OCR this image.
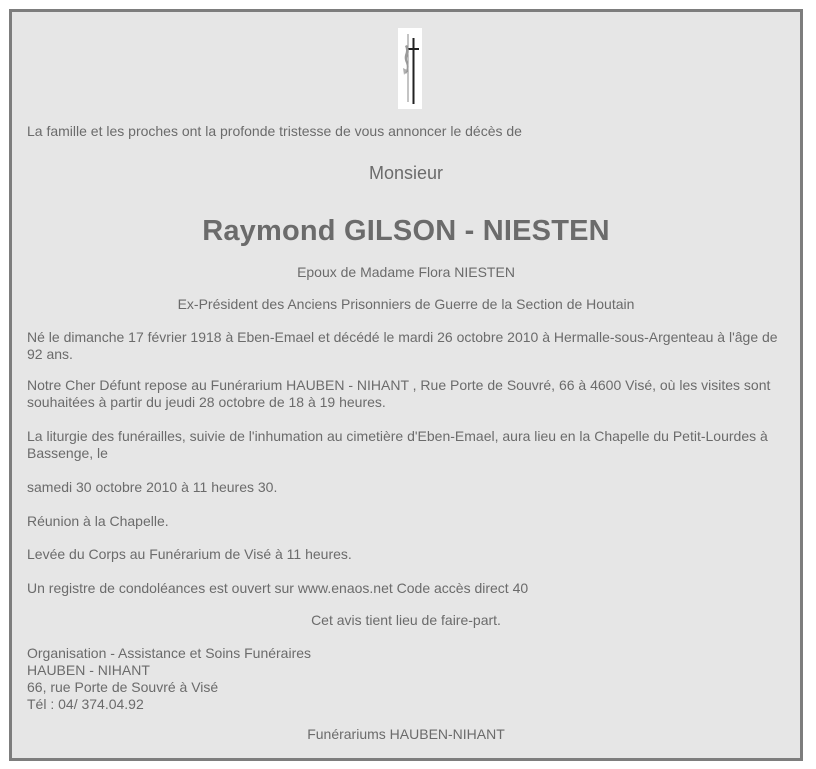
La famille et les proches ont la profonde tristesse de vous annoncer le décès de
Monsieur
Raymond GILSON - NIESTEN
Epoux de Madame Flora NIESTEN
Ex-Président des Anciens Prisonniers de Guerre de la Section de Houtain
Né le dimanche 17 février 1918 à Eben-Emael et décédé le mardi 26 octobre 2010 à Hermalle-sous-Argenteau à l'âge de 92 ans.
Notre Cher Défunt repose au Funérarium HAUBEN - NIHANT , Rue Porte de Souvré, 66 à 4600 Visé, où les visites sont souhaitées à partir du jeudi 28 octobre de 18 à 19 heures.
La liturgie des funérailles, suivie de l'inhumation au cimetière d'Eben-Emael, aura lieu en la Chapelle du Petit-Lourdes à Bassenge, le
samedi 30 octobre 2010 à 11 heures 30.
Réunion à la Chapelle.
Levée du Corps au Funérarium de Visé à 11 heures.
Un registre de condoléances est ouvert sur www.enaos.net Code accès direct 40
Cet avis tient lieu de faire-part.
Organisation - Assistance et Soins Funéraires
HAUBEN - NIHANT
66, rue Porte de Souvré à Visé
Tél : 04/ 374.04.92
Funérariums HAUBEN-NIHANT
